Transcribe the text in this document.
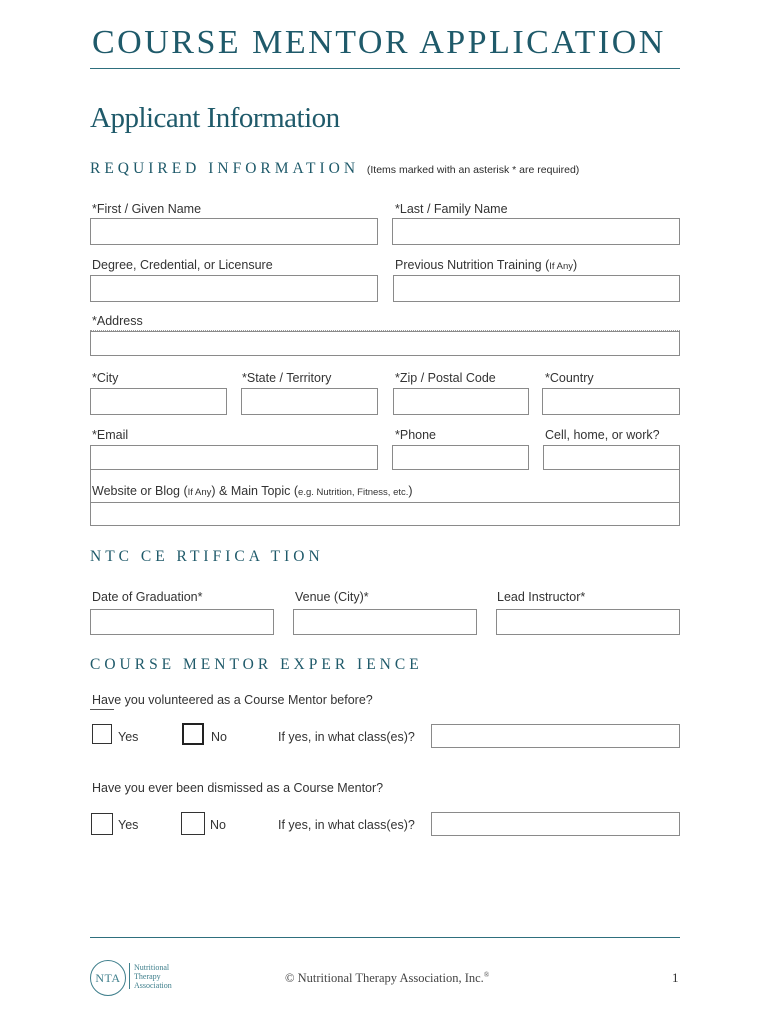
COURSE MENTOR APPLICATION
Applicant Information
REQUIRED INFORMATION (Items marked with an asterisk * are required)
*First / Given Name	*Last / Family Name
Degree, Credential, or Licensure	Previous Nutrition Training (If Any)
*Address
*City	*State / Territory	*Zip / Postal Code	*Country
*Email	*Phone	Cell, home, or work?
Website or Blog (If Any) & Main Topic (e.g. Nutrition, Fitness, etc.)
NTC CE RTIFICA TION
Date of Graduation*	Venue (City)*	Lead Instructor*
COURSE MENTOR EXPER IENCE
Have you volunteered as a Course Mentor before?
Yes	No	If yes, in what class(es)?
Have you ever been dismissed as a Course Mentor?
Yes	No	If yes, in what class(es)?
NTA
Nutritional
Therapy
Association
© Nutritional Therapy Association, Inc.®	1
